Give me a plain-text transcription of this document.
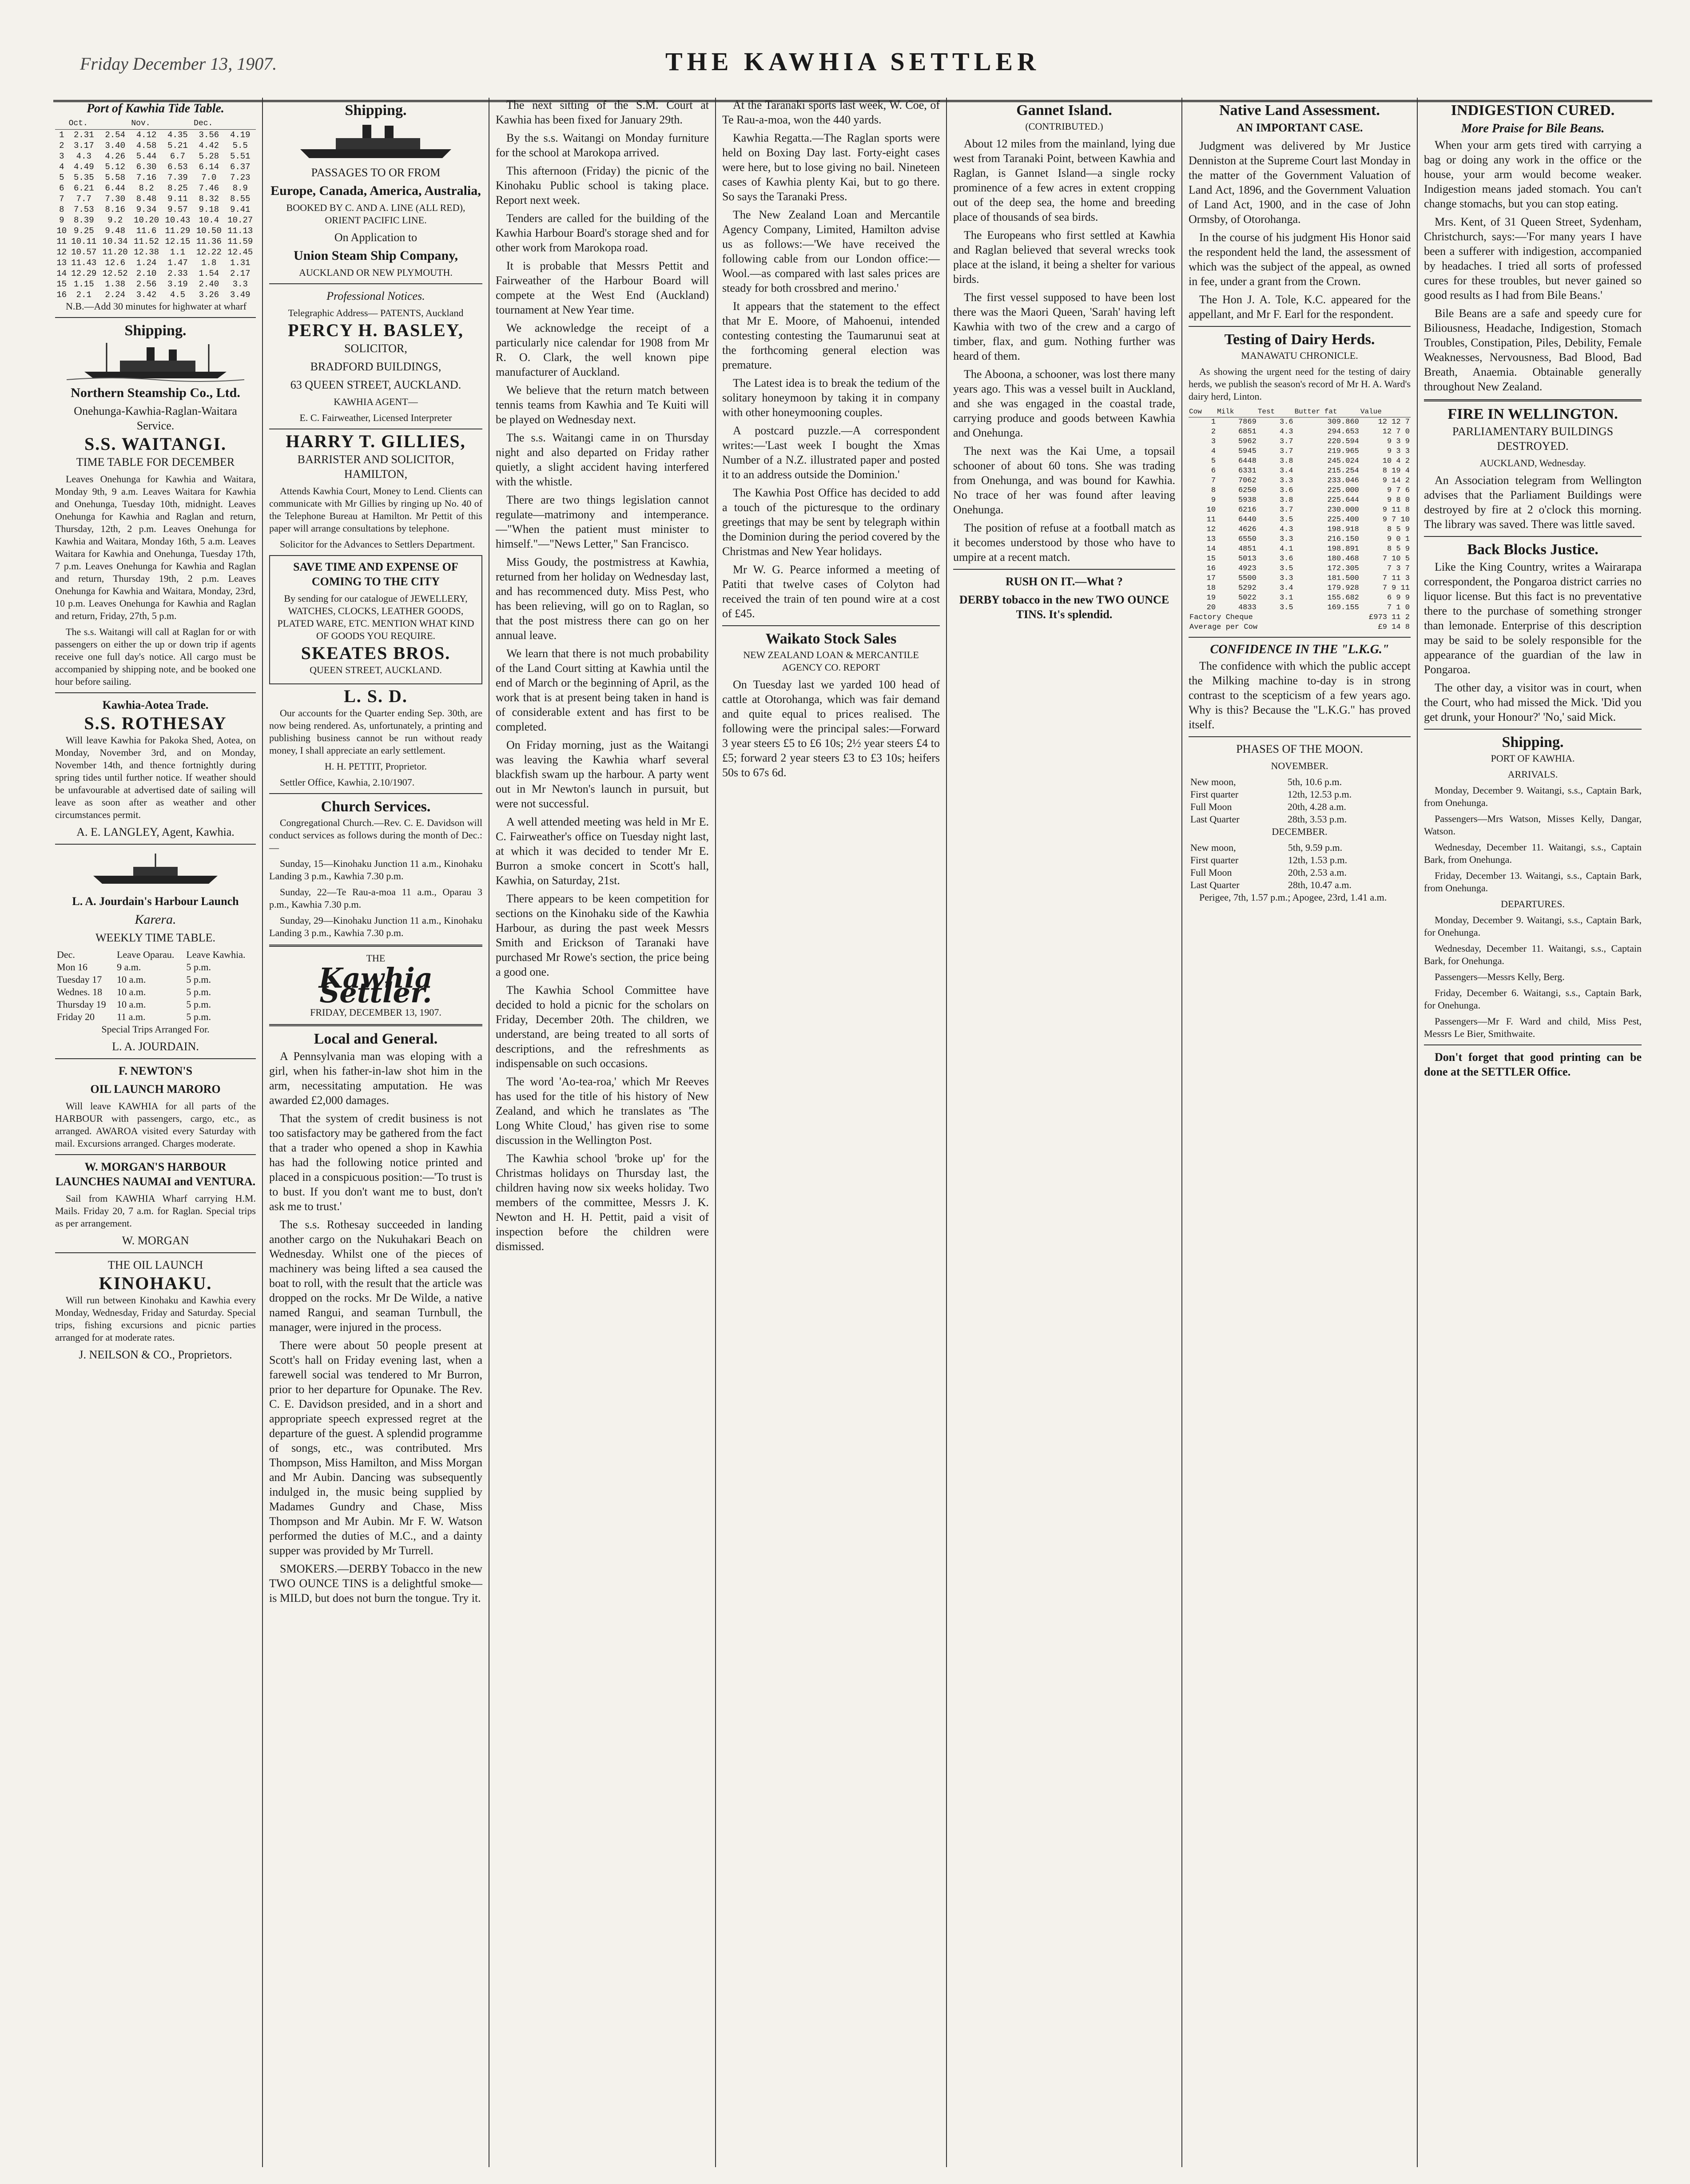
Friday December 13, 1907.	THE KAWHIA SETTLER
Port of Kawhia Tide Table.
	Oct.		Nov.		Dec.	
1	2.31	2.54	4.12	4.35	3.56	4.19
2	3.17	3.40	4.58	5.21	4.42	5.5
3	4.3	4.26	5.44	6.7	5.28	5.51
4	4.49	5.12	6.30	6.53	6.14	6.37
5	5.35	5.58	7.16	7.39	7.0	7.23
6	6.21	6.44	8.2	8.25	7.46	8.9
7	7.7	7.30	8.48	9.11	8.32	8.55
8	7.53	8.16	9.34	9.57	9.18	9.41
9	8.39	9.2	10.20	10.43	10.4	10.27
10	9.25	9.48	11.6	11.29	10.50	11.13
11	10.11	10.34	11.52	12.15	11.36	11.59
12	10.57	11.20	12.38	1.1	12.22	12.45
13	11.43	12.6	1.24	1.47	1.8	1.31
14	12.29	12.52	2.10	2.33	1.54	2.17
15	1.15	1.38	2.56	3.19	2.40	3.3
16	2.1	2.24	3.42	4.5	3.26	3.49

N.B.—Add 30 minutes for highwater at wharf

Shipping.

Northern Steamship Co., Ltd.

Onehunga-Kawhia-Raglan-Waitara Service.

S.S. WAITANGI.

TIME TABLE FOR DECEMBER

Leaves Onehunga for Kawhia and Waitara, Monday 9th, 9 a.m. Leaves Waitara for Kawhia and Onehunga, Tuesday 10th, midnight. Leaves Onehunga for Kawhia and Raglan and return, Thursday, 12th, 2 p.m. Leaves Onehunga for Kawhia and Waitara, Monday 16th, 5 a.m. Leaves Waitara for Kawhia and Onehunga, Tuesday 17th, 7 p.m. Leaves Onehunga for Kawhia and Raglan and return, Thursday 19th, 2 p.m. Leaves Onehunga for Kawhia and Waitara, Monday, 23rd, 10 p.m. Leaves Onehunga for Kawhia and Raglan and return, Friday, 27th, 5 p.m.

The s.s. Waitangi will call at Raglan for or with passengers on either the up or down trip if agents receive one full day's notice. All cargo must be accompanied by shipping note, and be booked one hour before sailing.

Kawhia-Aotea Trade.

S.S. ROTHESAY

Will leave Kawhia for Pakoka Shed, Aotea, on Monday, November 3rd, and on Monday, November 14th, and thence fortnightly during spring tides until further notice. If weather should be unfavourable at advertised date of sailing will leave as soon after as weather and other circumstances permit.

A. E. LANGLEY, Agent, Kawhia.

L. A. Jourdain's Harbour Launch

Karera.

WEEKLY TIME TABLE.

Dec.	Leave Oparau.	Leave Kawhia.
Mon 16	9 a.m.	5 p.m.
Tuesday 17	10 a.m.	5 p.m.
Wednes. 18	10 a.m.	5 p.m.
Thursday 19	10 a.m.	5 p.m.
Friday 20	11 a.m.	5 p.m.

Special Trips Arranged For.

L. A. JOURDAIN.

F. NEWTON'S

OIL LAUNCH MARORO

Will leave KAWHIA for all parts of the HARBOUR with passengers, cargo, etc., as arranged. AWAROA visited every Saturday with mail. Excursions arranged. Charges moderate.

W. MORGAN'S HARBOUR LAUNCHES NAUMAI and VENTURA.

Sail from KAWHIA Wharf carrying H.M. Mails. Friday 20, 7 a.m. for Raglan. Special trips as per arrangement.

W. MORGAN

THE OIL LAUNCH

KINOHAKU.

Will run between Kinohaku and Kawhia every Monday, Wednesday, Friday and Saturday. Special trips, fishing excursions and picnic parties arranged for at moderate rates.

J. NEILSON & CO., Proprietors.

Shipping.

PASSAGES TO OR FROM

Europe, Canada, America, Australia,

BOOKED BY C. AND A. LINE (ALL RED), ORIENT PACIFIC LINE.

On Application to

Union Steam Ship Company,

AUCKLAND OR NEW PLYMOUTH.

Professional Notices.

Telegraphic Address— PATENTS, Auckland

PERCY H. BASLEY,

SOLICITOR,

BRADFORD BUILDINGS,

63 QUEEN STREET, AUCKLAND.

KAWHIA AGENT—

E. C. Fairweather, Licensed Interpreter

HARRY T. GILLIES,

BARRISTER AND SOLICITOR, HAMILTON,

Attends Kawhia Court, Money to Lend. Clients can communicate with Mr Gillies by ringing up No. 40 of the Telephone Bureau at Hamilton. Mr Pettit of this paper will arrange consultations by telephone.

Solicitor for the Advances to Settlers Department.

SAVE TIME AND EXPENSE OF COMING TO THE CITY

By sending for our catalogue of JEWELLERY, WATCHES, CLOCKS, LEATHER GOODS, PLATED WARE, ETC. MENTION WHAT KIND OF GOODS YOU REQUIRE.

SKEATES BROS.

QUEEN STREET, AUCKLAND.

L. S. D.

Our accounts for the Quarter ending Sep. 30th, are now being rendered. As, unfortunately, a printing and publishing business cannot be run without ready money, I shall appreciate an early settlement.

H. H. PETTIT, Proprietor.

Settler Office, Kawhia, 2.10/1907.

Church Services.

Congregational Church.—Rev. C. E. Davidson will conduct services as follows during the month of Dec.:—

Sunday, 15—Kinohaku Junction 11 a.m., Kinohaku Landing 3 p.m., Kawhia 7.30 p.m.

Sunday, 22—Te Rau-a-moa 11 a.m., Oparau 3 p.m., Kawhia 7.30 p.m.

Sunday, 29—Kinohaku Junction 11 a.m., Kinohaku Landing 3 p.m., Kawhia 7.30 p.m.

THE

Kawhia Settler.

FRIDAY, DECEMBER 13, 1907.

Local and General.

A Pennsylvania man was eloping with a girl, when his father-in-law shot him in the arm, necessitating amputation. He was awarded £2,000 damages.

That the system of credit business is not too satisfactory may be gathered from the fact that a trader who opened a shop in Kawhia has had the following notice printed and placed in a conspicuous position:—'To trust is to bust. If you don't want me to bust, don't ask me to trust.'

The s.s. Rothesay succeeded in landing another cargo on the Nukuhakari Beach on Wednesday. Whilst one of the pieces of machinery was being lifted a sea caused the boat to roll, with the result that the article was dropped on the rocks. Mr De Wilde, a native named Rangui, and seaman Turnbull, the manager, were injured in the process.

There were about 50 people present at Scott's hall on Friday evening last, when a farewell social was tendered to Mr Burron, prior to her departure for Opunake. The Rev. C. E. Davidson presided, and in a short and appropriate speech expressed regret at the departure of the guest. A splendid programme of songs, etc., was contributed. Mrs Thompson, Miss Hamilton, and Miss Morgan and Mr Aubin. Dancing was subsequently indulged in, the music being supplied by Madames Gundry and Chase, Miss Thompson and Mr Aubin. Mr F. W. Watson performed the duties of M.C., and a dainty supper was provided by Mr Turrell.

SMOKERS.—DERBY Tobacco in the new TWO OUNCE TINS is a delightful smoke—is MILD, but does not burn the tongue. Try it.

The next sitting of the S.M. Court at Kawhia has been fixed for January 29th.

By the s.s. Waitangi on Monday furniture for the school at Marokopa arrived.

This afternoon (Friday) the picnic of the Kinohaku Public school is taking place. Report next week.

Tenders are called for the building of the Kawhia Harbour Board's storage shed and for other work from Marokopa road.

It is probable that Messrs Pettit and Fairweather of the Harbour Board will compete at the West End (Auckland) tournament at New Year time.

We acknowledge the receipt of a particularly nice calendar for 1908 from Mr R. O. Clark, the well known pipe manufacturer of Auckland.

We believe that the return match between tennis teams from Kawhia and Te Kuiti will be played on Wednesday next.

The s.s. Waitangi came in on Thursday night and also departed on Friday rather quietly, a slight accident having interfered with the whistle.

There are two things legislation cannot regulate—matrimony and intemperance.—"When the patient must minister to himself."—"News Letter," San Francisco.

Miss Goudy, the postmistress at Kawhia, returned from her holiday on Wednesday last, and has recommenced duty. Miss Pest, who has been relieving, will go on to Raglan, so that the post mistress there can go on her annual leave.

We learn that there is not much probability of the Land Court sitting at Kawhia until the end of March or the beginning of April, as the work that is at present being taken in hand is of considerable extent and has first to be completed.

On Friday morning, just as the Waitangi was leaving the Kawhia wharf several blackfish swam up the harbour. A party went out in Mr Newton's launch in pursuit, but were not successful.

A well attended meeting was held in Mr E. C. Fairweather's office on Tuesday night last, at which it was decided to tender Mr E. Burron a smoke concert in Scott's hall, Kawhia, on Saturday, 21st.

There appears to be keen competition for sections on the Kinohaku side of the Kawhia Harbour, as during the past week Messrs Smith and Erickson of Taranaki have purchased Mr Rowe's section, the price being a good one.

The Kawhia School Committee have decided to hold a picnic for the scholars on Friday, December 20th. The children, we understand, are being treated to all sorts of descriptions, and the refreshments as indispensable on such occasions.

The word 'Ao-tea-roa,' which Mr Reeves has used for the title of his history of New Zealand, and which he translates as 'The Long White Cloud,' has given rise to some discussion in the Wellington Post.

The Kawhia school 'broke up' for the Christmas holidays on Thursday last, the children having now six weeks holiday. Two members of the committee, Messrs J. K. Newton and H. H. Pettit, paid a visit of inspection before the children were dismissed.

At the Taranaki sports last week, W. Coe, of Te Rau-a-moa, won the 440 yards.

Kawhia Regatta.—The Raglan sports were held on Boxing Day last. Forty-eight cases were here, but to lose giving no bail. Nineteen cases of Kawhia plenty Kai, but to go there. So says the Taranaki Press.

The New Zealand Loan and Mercantile Agency Company, Limited, Hamilton advise us as follows:—'We have received the following cable from our London office:—Wool.—as compared with last sales prices are steady for both crossbred and merino.'

It appears that the statement to the effect that Mr E. Moore, of Mahoenui, intended contesting contesting the Taumarunui seat at the forthcoming general election was premature.

The Latest idea is to break the tedium of the solitary honeymoon by taking it in company with other honeymooning couples.

A postcard puzzle.—A correspondent writes:—'Last week I bought the Xmas Number of a N.Z. illustrated paper and posted it to an address outside the Dominion.'

The Kawhia Post Office has decided to add a touch of the picturesque to the ordinary greetings that may be sent by telegraph within the Dominion during the period covered by the Christmas and New Year holidays.

Mr W. G. Pearce informed a meeting of Patiti that twelve cases of Colyton had received the train of ten pound wire at a cost of £45.

Waikato Stock Sales

NEW ZEALAND LOAN & MERCANTILE AGENCY CO. REPORT

On Tuesday last we yarded 100 head of cattle at Otorohanga, which was fair demand and quite equal to prices realised. The following were the principal sales:—Forward 3 year steers £5 to £6 10s; 2½ year steers £4 to £5; forward 2 year steers £3 to £3 10s; heifers 50s to 67s 6d.

Gannet Island.

(CONTRIBUTED.)

About 12 miles from the mainland, lying due west from Taranaki Point, between Kawhia and Raglan, is Gannet Island—a single rocky prominence of a few acres in extent cropping out of the deep sea, the home and breeding place of thousands of sea birds.

The Europeans who first settled at Kawhia and Raglan believed that several wrecks took place at the island, it being a shelter for various birds.

The first vessel supposed to have been lost there was the Maori Queen, 'Sarah' having left Kawhia with two of the crew and a cargo of timber, flax, and gum. Nothing further was heard of them.

The Aboona, a schooner, was lost there many years ago. This was a vessel built in Auckland, and she was engaged in the coastal trade, carrying produce and goods between Kawhia and Onehunga.

The next was the Kai Ume, a topsail schooner of about 60 tons. She was trading from Onehunga, and was bound for Kawhia. No trace of her was found after leaving Onehunga.

The position of refuse at a football match as it becomes understood by those who have to umpire at a recent match.

RUSH ON IT.—What ?

DERBY tobacco in the new TWO OUNCE TINS. It's splendid.

Native Land Assessment.

AN IMPORTANT CASE.

Judgment was delivered by Mr Justice Denniston at the Supreme Court last Monday in the matter of the Government Valuation of Land Act, 1896, and the Government Valuation of Land Act, 1900, and in the case of John Ormsby, of Otorohanga.

In the course of his judgment His Honor said the respondent held the land, the assessment of which was the subject of the appeal, as owned in fee, under a grant from the Crown.

The Hon J. A. Tole, K.C. appeared for the appellant, and Mr F. Earl for the respondent.

Testing of Dairy Herds.

MANAWATU CHRONICLE.

As showing the urgent need for the testing of dairy herds, we publish the season's record of Mr H. A. Ward's dairy herd, Linton.

Cow	Milk	Test	Butter fat	Value
1	7869	3.6	309.860	12 12 7
2	6851	4.3	294.653	12 7 0
3	5962	3.7	220.594	9 3 9
4	5945	3.7	219.965	9 3 3
5	6448	3.8	245.024	10 4 2
6	6331	3.4	215.254	8 19 4
7	7062	3.3	233.046	9 14 2
8	6250	3.6	225.000	9 7 6
9	5938	3.8	225.644	9 8 0
10	6216	3.7	230.000	9 11 8
11	6440	3.5	225.400	9 7 10
12	4626	4.3	198.918	8 5 9
13	6550	3.3	216.150	9 0 1
14	4851	4.1	198.891	8 5 9
15	5013	3.6	180.468	7 10 5
16	4923	3.5	172.305	7 3 7
17	5500	3.3	181.500	7 11 3
18	5292	3.4	179.928	7 9 11
19	5022	3.1	155.682	6 9 9
20	4833	3.5	169.155	7 1 0
Factory Cheque			£973 11 2	
Average per Cow			£9 14 8	
CONFIDENCE IN THE "L.K.G."

The confidence with which the public accept the Milking machine to-day is in strong contrast to the scepticism of a few years ago. Why is this? Because the "L.K.G." has proved itself.

PHASES OF THE MOON.

NOVEMBER.

New moon,	5th, 10.6 p.m.
First quarter	12th, 12.53 p.m.
Full Moon	20th, 4.28 a.m.
Last Quarter	28th, 3.53 p.m.

DECEMBER.

New moon,	5th, 9.59 p.m.
First quarter	12th, 1.53 p.m.
Full Moon	20th, 2.53 a.m.
Last Quarter	28th, 10.47 a.m.

Perigee, 7th, 1.57 p.m.; Apogee, 23rd, 1.41 a.m.

INDIGESTION CURED.
More Praise for Bile Beans.

When your arm gets tired with carrying a bag or doing any work in the office or the house, your arm would become weaker. Indigestion means jaded stomach. You can't change stomachs, but you can stop eating.

Mrs. Kent, of 31 Queen Street, Sydenham, Christchurch, says:—'For many years I have been a sufferer with indigestion, accompanied by headaches. I tried all sorts of professed cures for these troubles, but never gained so good results as I had from Bile Beans.'

Bile Beans are a safe and speedy cure for Biliousness, Headache, Indigestion, Stomach Troubles, Constipation, Piles, Debility, Female Weaknesses, Nervousness, Bad Blood, Bad Breath, Anaemia. Obtainable generally throughout New Zealand.

FIRE IN WELLINGTON.

PARLIAMENTARY BUILDINGS DESTROYED.

AUCKLAND, Wednesday.

An Association telegram from Wellington advises that the Parliament Buildings were destroyed by fire at 2 o'clock this morning. The library was saved. There was little saved.

Back Blocks Justice.

Like the King Country, writes a Wairarapa correspondent, the Pongaroa district carries no liquor license. But this fact is no preventative there to the purchase of something stronger than lemonade. Enterprise of this description may be said to be solely responsible for the appearance of the guardian of the law in Pongaroa.

The other day, a visitor was in court, when the Court, who had missed the Mick. 'Did you get drunk, your Honour?' 'No,' said Mick.

Shipping.

PORT OF KAWHIA.

ARRIVALS.

Monday, December 9. Waitangi, s.s., Captain Bark, from Onehunga.

Passengers—Mrs Watson, Misses Kelly, Dangar, Watson.

Wednesday, December 11. Waitangi, s.s., Captain Bark, from Onehunga.

Friday, December 13. Waitangi, s.s., Captain Bark, from Onehunga.

DEPARTURES.

Monday, December 9. Waitangi, s.s., Captain Bark, for Onehunga.

Wednesday, December 11. Waitangi, s.s., Captain Bark, for Onehunga.

Passengers—Messrs Kelly, Berg.

Friday, December 6. Waitangi, s.s., Captain Bark, for Onehunga.

Passengers—Mr F. Ward and child, Miss Pest, Messrs Le Bier, Smithwaite.

Don't forget that good printing can be done at the SETTLER Office.
